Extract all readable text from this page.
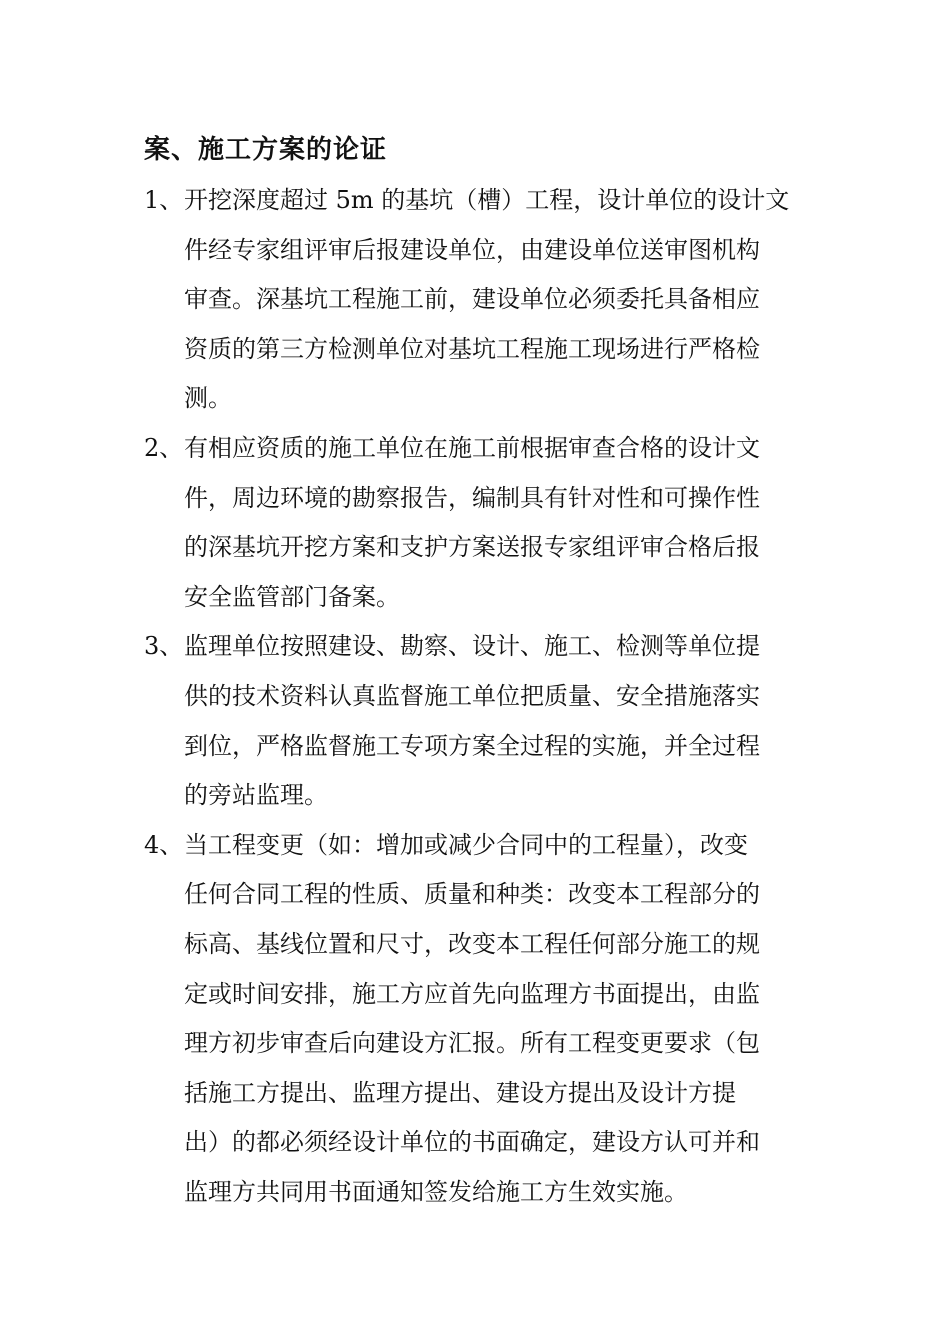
案、施工方案的论证
1、 开挖深度超过 5m 的基坑（槽）工程，设计单位的设计文
件经专家组评审后报建设单位，由建设单位送审图机构
审查。深基坑工程施工前，建设单位必须委托具备相应
资质的第三方检测单位对基坑工程施工现场进行严格检
测。
2、 有相应资质的施工单位在施工前根据审查合格的设计文
件，周边环境的勘察报告，编制具有针对性和可操作性
的深基坑开挖方案和支护方案送报专家组评审合格后报
安全监管部门备案。
3、 监理单位按照建设、勘察、设计、施工、检测等单位提
供的技术资料认真监督施工单位把质量、安全措施落实
到位，严格监督施工专项方案全过程的实施，并全过程
的旁站监理。
4、 当工程变更（如：增加或减少合同中的工程量），改变
任何合同工程的性质、质量和种类：改变本工程部分的
标高、基线位置和尺寸，改变本工程任何部分施工的规
定或时间安排，施工方应首先向监理方书面提出，由监
理方初步审查后向建设方汇报。所有工程变更要求（包
括施工方提出、监理方提出、建设方提出及设计方提
出）的都必须经设计单位的书面确定，建设方认可并和
监理方共同用书面通知签发给施工方生效实施。
